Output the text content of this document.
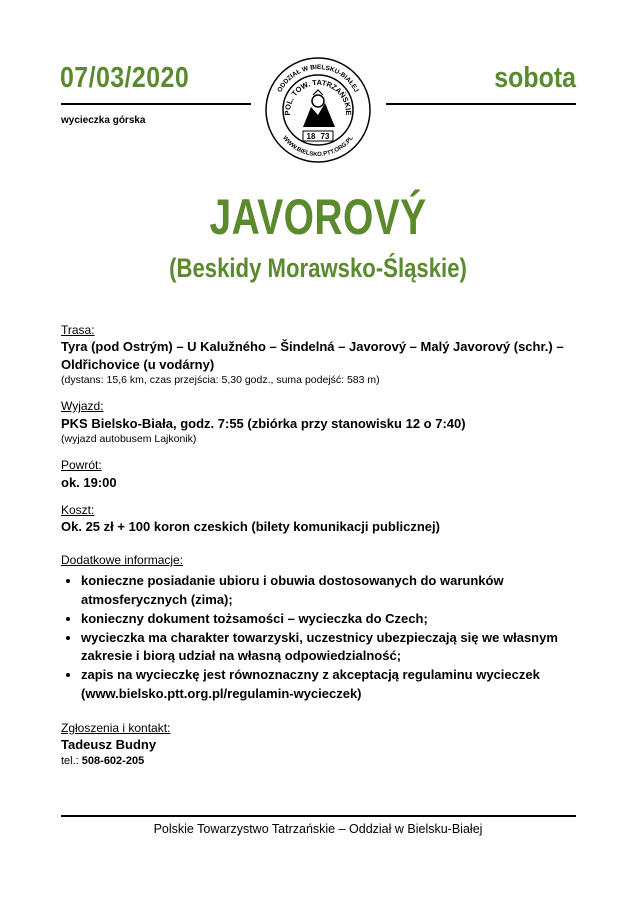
07/03/2020	sobota
wycieczka górska
ODDZIAŁ W BIELSKU-BIAŁEJ
WWW.BIELSKO.PTT.ORG.PL
POL. TOW. TATRZAŃSKIE
18 73
JAVOROVÝ
(Beskidy Morawsko-Śląskie)

Trasa:

Tyra (pod Ostrým) – U Kalužného – Šindelná – Javorový – Malý Javorový (schr.) –

Oldřichovice (u vodárny)

(dystans: 15,6 km, czas przejścia: 5,30 godz., suma podejść: 583 m)

Wyjazd:

PKS Bielsko-Biała, godz. 7:55 (zbiórka przy stanowisku 12 o 7:40)

(wyjazd autobusem Lajkonik)

Powrót:

ok. 19:00

Koszt:

Ok. 25 zł + 100 koron czeskich (bilety komunikacji publicznej)

Dodatkowe informacje:

• konieczne posiadanie ubioru i obuwia dostosowanych do warunków atmosferycznych (zima);
• konieczny dokument tożsamości – wycieczka do Czech;
• wycieczka ma charakter towarzyski, uczestnicy ubezpieczają się we własnym zakresie i biorą udział na własną odpowiedzialność;
• zapis na wycieczkę jest równoznaczny z akceptacją regulaminu wycieczek (www.bielsko.ptt.org.pl/regulamin-wycieczek)

Zgłoszenia i kontakt:

Tadeusz Budny

tel.: 508-602-205

Polskie Towarzystwo Tatrzańskie – Oddział w Bielsku-Białej
